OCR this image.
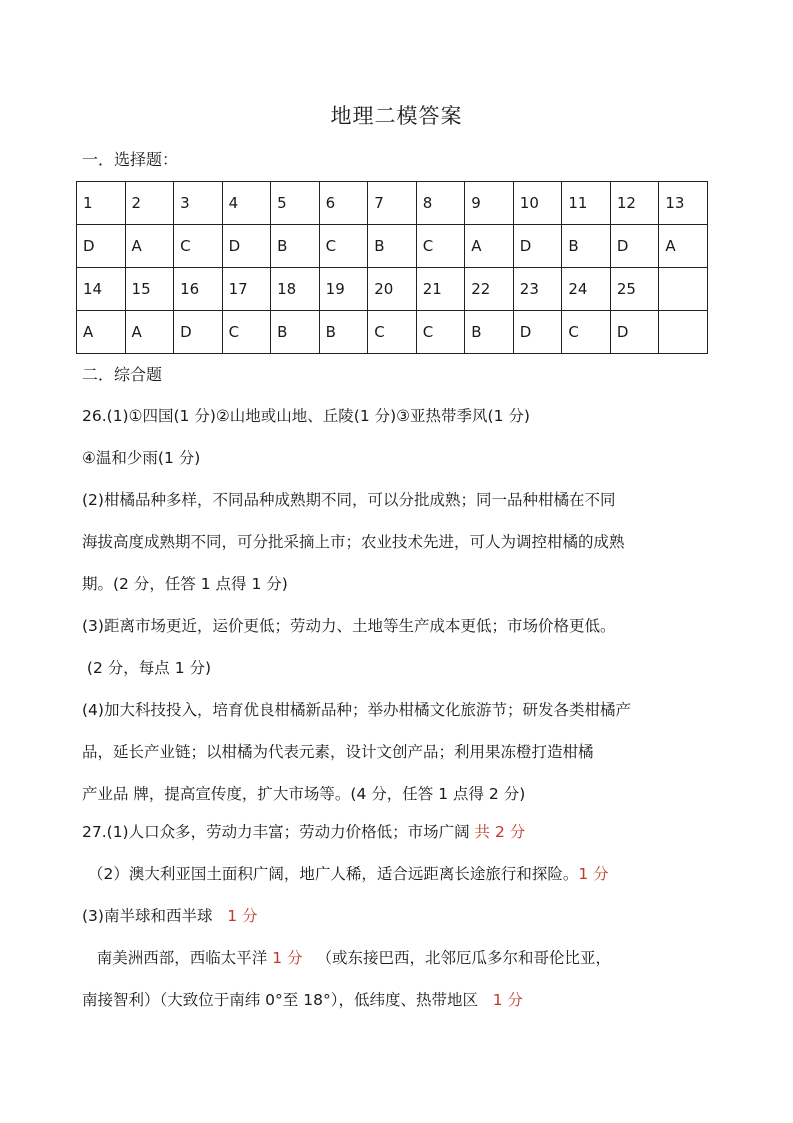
地理二模答案
一．选择题：
1	2	3	4	5	6	7	8	9	10	11	12	13
D	A	C	D	B	C	B	C	A	D	B	D	A
14	15	16	17	18	19	20	21	22	23	24	25	
A	A	D	C	B	B	C	C	B	D	C	D	
二．综合题
26.(1)①四国(1 分)②山地或山地、丘陵(1 分)③亚热带季风(1 分)
④温和少雨(1 分)
(2)柑橘品种多样，不同品种成熟期不同，可以分批成熟；同一品种柑橘在不同
海拔高度成熟期不同，可分批采摘上市；农业技术先进，可人为调控柑橘的成熟
期。(2 分，任答 1 点得 1 分)
(3)距离市场更近，运价更低；劳动力、土地等生产成本更低；市场价格更低。
(2 分，每点 1 分)
(4)加大科技投入，培育优良柑橘新品种；举办柑橘文化旅游节；研发各类柑橘产
品，延长产业链；以柑橘为代表元素，设计文创产品；利用果冻橙打造柑橘
产业品 牌，提高宣传度，扩大市场等。(4 分，任答 1 点得 2 分)
27.(1)人口众多，劳动力丰富；劳动力价格低；市场广阔 共 2 分
（2）澳大利亚国土面积广阔，地广人稀，适合远距离长途旅行和探险。1 分
(3)南半球和西半球   1 分
南美洲西部，西临太平洋 1 分 （或东接巴西，北邻厄瓜多尔和哥伦比亚，
南接智利）（大致位于南纬 0°至 18°），低纬度、热带地区   1 分
